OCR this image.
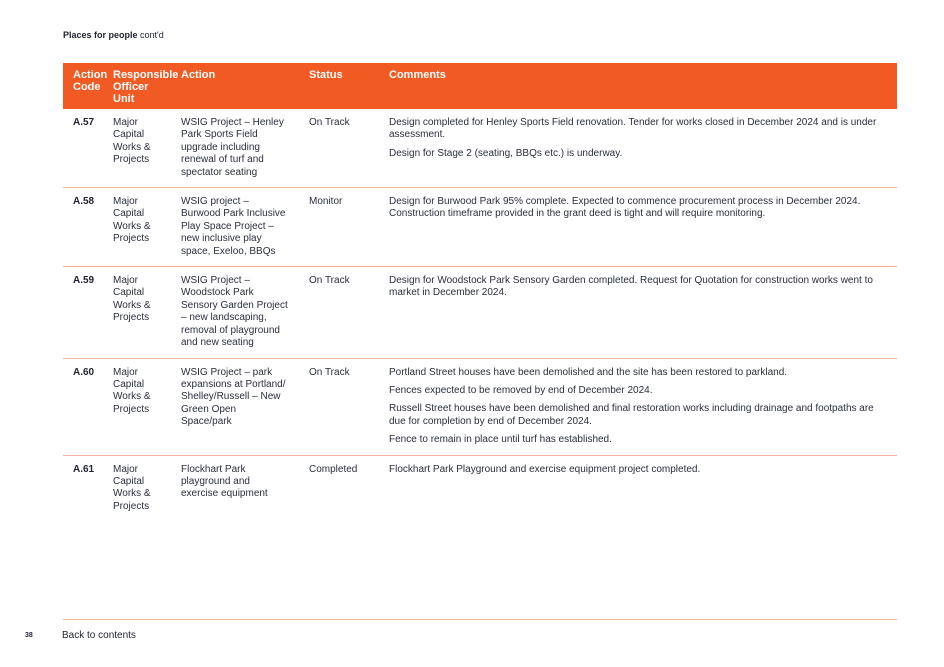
Places for people cont'd
Action Code	Responsible Officer Unit	Action	Status	Comments
A.57	Major Capital Works & Projects	WSIG Project – Henley Park Sports Field upgrade including renewal of turf and spectator seating	On Track	Design completed for Henley Sports Field renovation. Tender for works closed in December 2024 and is under assessment.

Design for Stage 2 (seating, BBQs etc.) is underway.

A.58	Major Capital Works & Projects	WSIG project – Burwood Park Inclusive Play Space Project – new inclusive play space, Exeloo, BBQs	Monitor	Design for Burwood Park 95% complete. Expected to commence procurement process in December 2024. Construction timeframe provided in the grant deed is tight and will require monitoring.

A.59	Major Capital Works & Projects	WSIG Project – Woodstock Park Sensory Garden Project – new landscaping, removal of playground and new seating	On Track	Design for Woodstock Park Sensory Garden completed. Request for Quotation for construction works went to market in December 2024.

A.60	Major Capital Works & Projects	WSIG Project – park expansions at Portland/ Shelley/Russell – New Green Open Space/park	On Track	Portland Street houses have been demolished and the site has been restored to parkland.

Fences expected to be removed by end of December 2024.

Russell Street houses have been demolished and final restoration works including drainage and footpaths are due for completion by end of December 2024.

Fence to remain in place until turf has established.

A.61	Major Capital Works & Projects	Flockhart Park playground and exercise equipment	Completed	Flockhart Park Playground and exercise equipment project completed.

38	Back to contents
